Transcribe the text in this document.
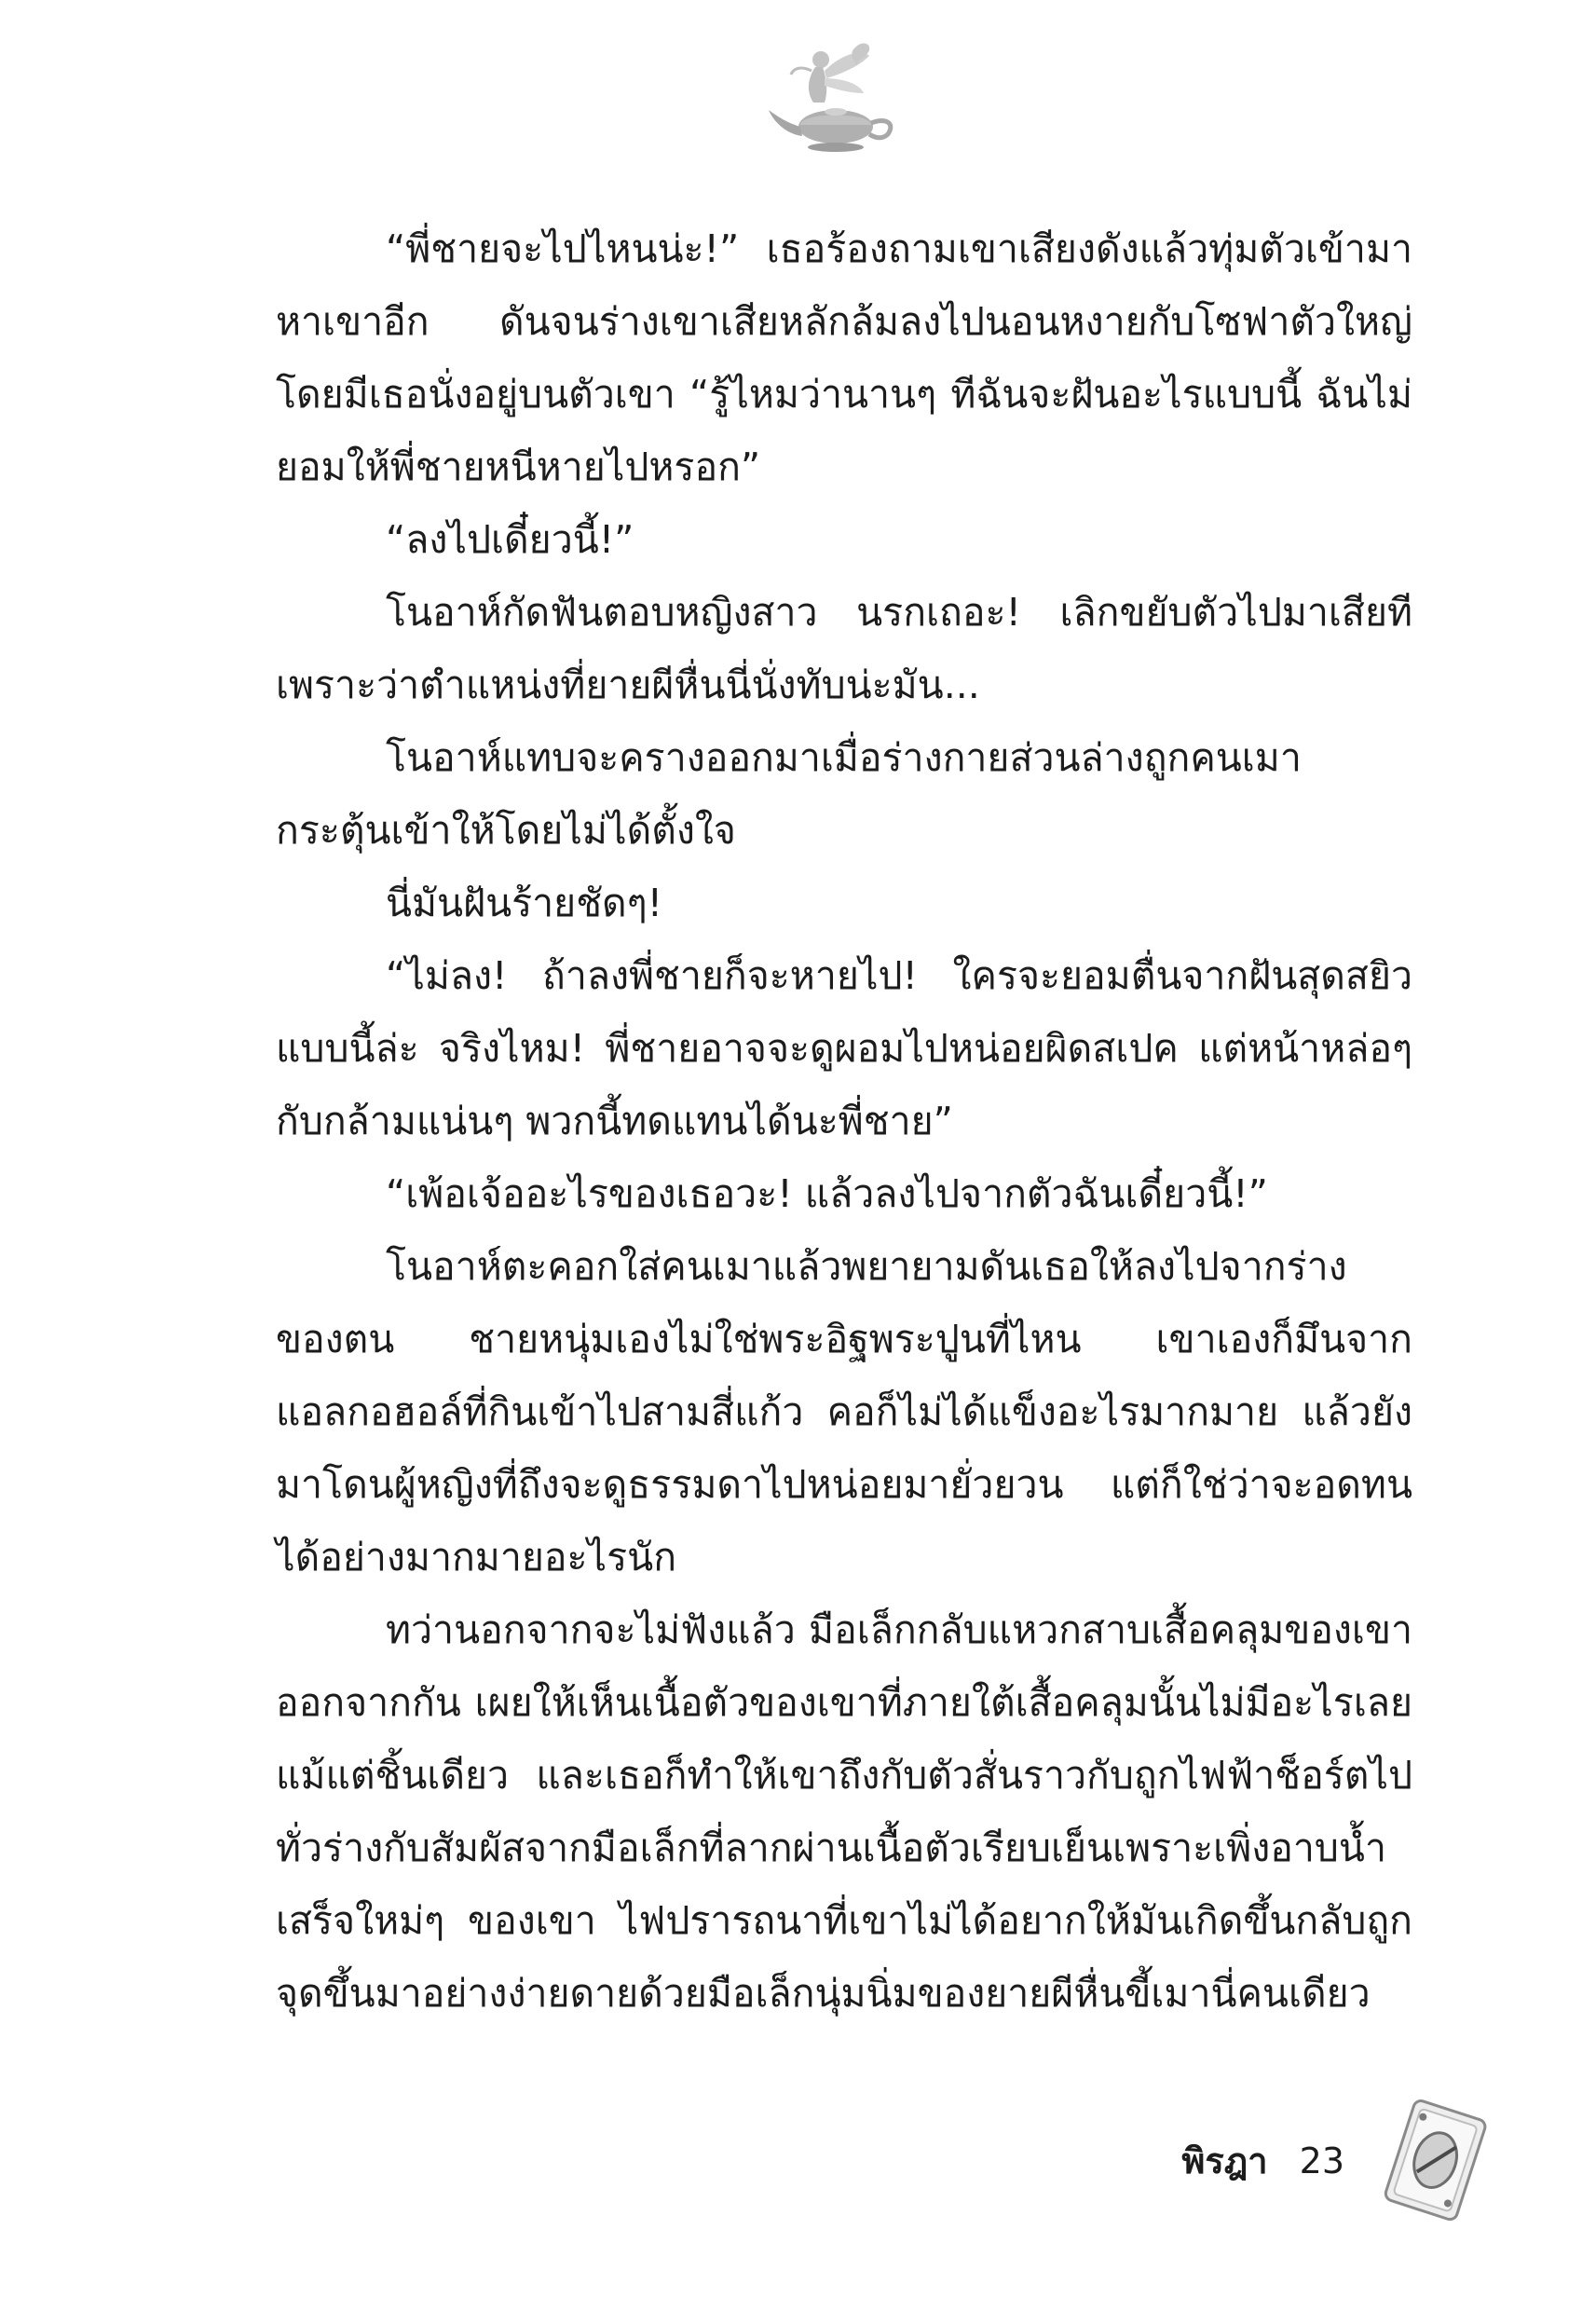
“พี่ชายจะไปไหนน่ะ!” เธอร้องถามเขาเสียงดังแล้วทุ่มตัวเข้ามาหาเขาอีก ดันจนร่างเขาเสียหลักล้มลงไปนอนหงายกับโซฟาตัวใหญ่โดยมีเธอนั่งอยู่บนตัวเขา “รู้ไหมว่านานๆ ทีฉันจะฝันอะไรแบบนี้ ฉันไม่ยอมให้พี่ชายหนีหายไปหรอก”

“ลงไปเดี๋ยวนี้!”

โนอาห์กัดฟันตอบหญิงสาว นรกเถอะ! เลิกขยับตัวไปมาเสียทีเพราะว่าตำแหน่งที่ยายผีหื่นนี่นั่งทับน่ะมัน...

โนอาห์แทบจะครางออกมาเมื่อร่างกายส่วนล่างถูกคนเมากระตุ้นเข้าให้โดยไม่ได้ตั้งใจ

นี่มันฝันร้ายชัดๆ!

“ไม่ลง! ถ้าลงพี่ชายก็จะหายไป! ใครจะยอมตื่นจากฝันสุดสยิวแบบนี้ล่ะ จริงไหม! พี่ชายอาจจะดูผอมไปหน่อยผิดสเปค แต่หน้าหล่อๆกับกล้ามแน่นๆ พวกนี้ทดแทนได้นะพี่ชาย”

“เพ้อเจ้ออะไรของเธอวะ! แล้วลงไปจากตัวฉันเดี๋ยวนี้!”

โนอาห์ตะคอกใส่คนเมาแล้วพยายามดันเธอให้ลงไปจากร่างของตน ชายหนุ่มเองไม่ใช่พระอิฐพระปูนที่ไหน เขาเองก็มึนจากแอลกอฮอล์ที่กินเข้าไปสามสี่แก้ว คอก็ไม่ได้แข็งอะไรมากมาย แล้วยังมาโดนผู้หญิงที่ถึงจะดูธรรมดาไปหน่อยมายั่วยวน แต่ก็ใช่ว่าจะอดทนได้อย่างมากมายอะไรนัก

ทว่านอกจากจะไม่ฟังแล้ว มือเล็กกลับแหวกสาบเสื้อคลุมของเขาออกจากกัน เผยให้เห็นเนื้อตัวของเขาที่ภายใต้เสื้อคลุมนั้นไม่มีอะไรเลยแม้แต่ชิ้นเดียว และเธอก็ทำให้เขาถึงกับตัวสั่นราวกับถูกไฟฟ้าช็อร์ตไปทั่วร่างกับสัมผัสจากมือเล็กที่ลากผ่านเนื้อตัวเรียบเย็นเพราะเพิ่งอาบน้ำเสร็จใหม่ๆ ของเขา ไฟปรารถนาที่เขาไม่ได้อยากให้มันเกิดขึ้นกลับถูกจุดขึ้นมาอย่างง่ายดายด้วยมือเล็กนุ่มนิ่มของยายผีหื่นขี้เมานี่คนเดียว

พิรฎา 23
